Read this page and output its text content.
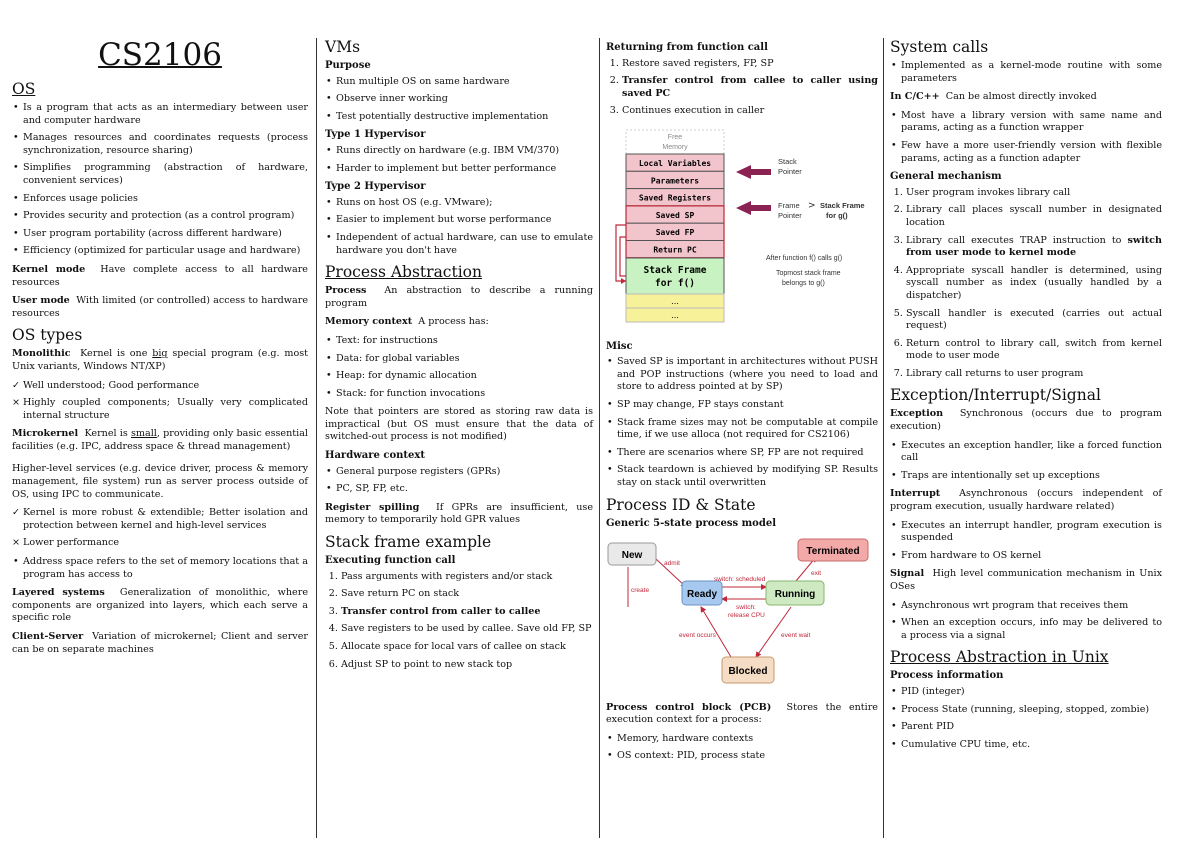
CS2106
OS
• Is a program that acts as an intermediary between user and computer hardware
• Manages resources and coordinates requests (process synchronization, resource sharing)
• Simplifies programming (abstraction of hardware, convenient services)
• Enforces usage policies
• Provides security and protection (as a control program)
• User program portability (across different hardware)
• Efficiency (optimized for particular usage and hardware)

Kernel mode Have complete access to all hardware resources

User mode With limited (or controlled) access to hardware resources

OS types

Monolithic Kernel is one big special program (e.g. most Unix variants, Windows NT/XP)

✓ Well understood; Good performance
× Highly coupled components; Usually very complicated internal structure

Microkernel Kernel is small, providing only basic essential facilities (e.g. IPC, address space & thread management)

Higher-level services (e.g. device driver, process & memory management, file system) run as server process outside of OS, using IPC to communicate.

✓ Kernel is more robust & extendible; Better isolation and protection between kernel and high-level services
× Lower performance
• Address space refers to the set of memory locations that a program has access to

Layered systems Generalization of monolithic, where components are organized into layers, which each serve a specific role

Client-Server Variation of microkernel; Client and server can be on separate machines

VMs
Purpose
• Run multiple OS on same hardware
• Observe inner working
• Test potentially destructive implementation
Type 1 Hypervisor
• Runs directly on hardware (e.g. IBM VM/370)
• Harder to implement but better performance
Type 2 Hypervisor
• Runs on host OS (e.g. VMware);
• Easier to implement but worse performance
• Independent of actual hardware, can use to emulate hardware you don't have
Process Abstraction

Process An abstraction to describe a running program

Memory context A process has:

• Text: for instructions
• Data: for global variables
• Heap: for dynamic allocation
• Stack: for function invocations

Note that pointers are stored as storing raw data is impractical (but OS must ensure that the data of switched-out process is not modified)

Hardware context
• General purpose registers (GPRs)
• PC, SP, FP, etc.

Register spilling If GPRs are insufficient, use memory to temporarily hold GPR values

Stack frame example
Executing function call
1. Pass arguments with registers and/or stack
2. Save return PC on stack
3. Transfer control from caller to callee
4. Save registers to be used by callee. Save old FP, SP
5. Allocate space for local vars of callee on stack
6. Adjust SP to point to new stack top
Returning from function call
1. Restore saved registers, FP, SP
2. Transfer control from callee to caller using saved PC
3. Continues execution in caller
Free
Memory
Local Variables
Parameters
Saved Registers
Saved SP
Saved FP
Return PC
Stack Frame
for f()
...
...
Stack
Pointer
Frame
Pointer
> Stack Frame
for g()
After function f() calls g()
Topmost stack frame
belongs to g()
Misc
• Saved SP is important in architectures without PUSH and POP instructions (where you need to load and store to address pointed at by SP)
• SP may change, FP stays constant
• Stack frame sizes may not be computable at compile time, if we use alloca (not required for CS2106)
• There are scenarios where SP, FP are not required
• Stack teardown is achieved by modifying SP. Results stay on stack until overwritten
Process ID & State
Generic 5-state process model
New
Ready	Running
Blocked
Terminated
admit
create
switch: scheduled
switch:
release CPU
exit
event occurs	event wait

Process control block (PCB) Stores the entire execution context for a process:

• Memory, hardware contexts
• OS context: PID, process state
System calls
• Implemented as a kernel-mode routine with some parameters

In C/C++ Can be almost directly invoked

• Most have a library version with same name and params, acting as a function wrapper
• Few have a more user-friendly version with flexible params, acting as a function adapter
General mechanism
1. User program invokes library call
2. Library call places syscall number in designated location
3. Library call executes TRAP instruction to switch from user mode to kernel mode
4. Appropriate syscall handler is determined, using syscall number as index (usually handled by a dispatcher)
5. Syscall handler is executed (carries out actual request)
6. Return control to library call, switch from kernel mode to user mode
7. Library call returns to user program
Exception/Interrupt/Signal

Exception Synchronous (occurs due to program execution)

• Executes an exception handler, like a forced function call
• Traps are intentionally set up exceptions

Interrupt Asynchronous (occurs independent of program execution, usually hardware related)

• Executes an interrupt handler, program execution is suspended
• From hardware to OS kernel

Signal High level communication mechanism in Unix OSes

• Asynchronous wrt program that receives them
• When an exception occurs, info may be delivered to a process via a signal
Process Abstraction in Unix
Process information
• PID (integer)
• Process State (running, sleeping, stopped, zombie)
• Parent PID
• Cumulative CPU time, etc.
